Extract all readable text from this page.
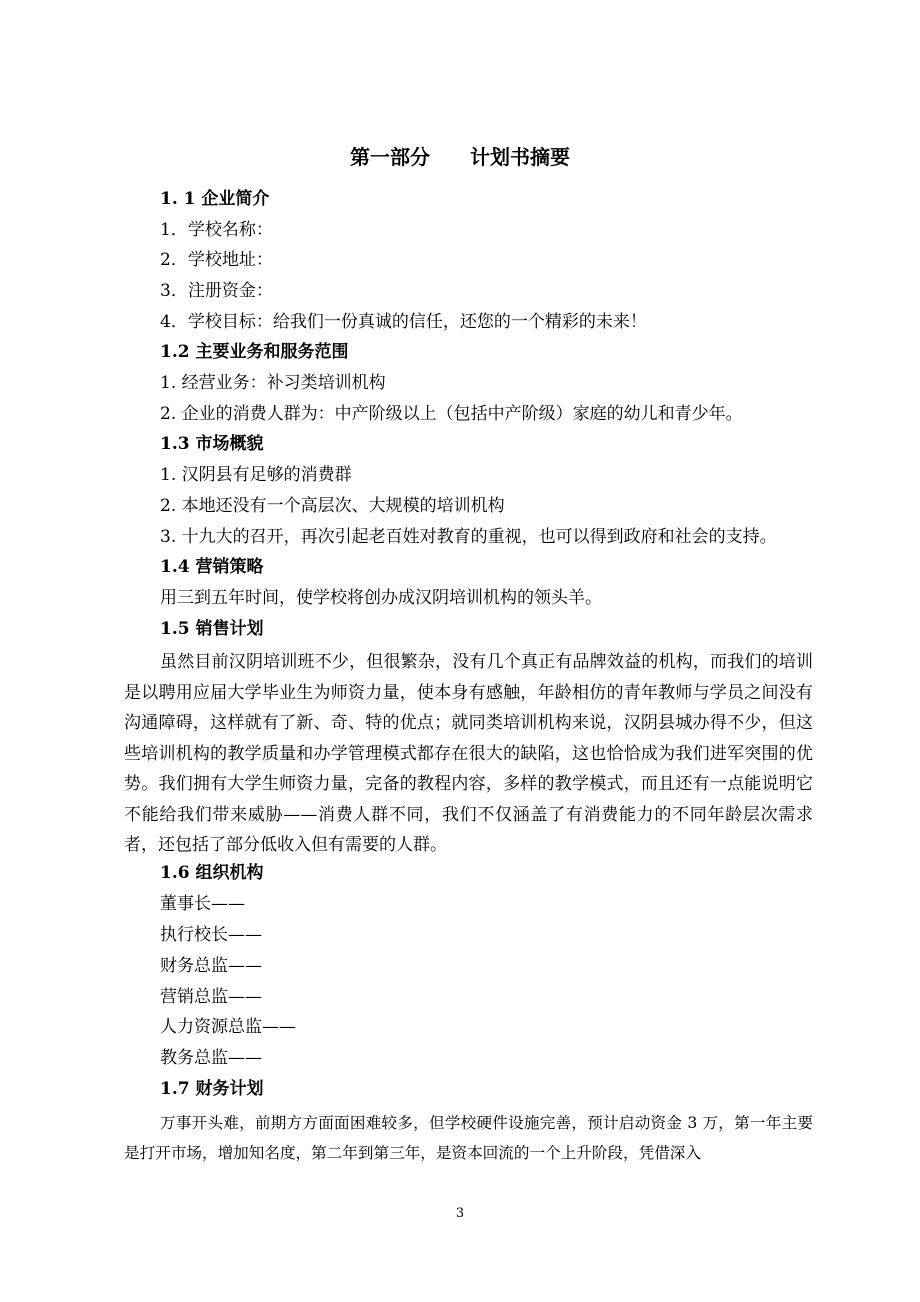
第一部分　　计划书摘要
1. 1 企业简介
1．学校名称：
2．学校地址：
3．注册资金：
4．学校目标：给我们一份真诚的信任，还您的一个精彩的未来！
1.2 主要业务和服务范围
1. 经营业务：补习类培训机构
2. 企业的消费人群为：中产阶级以上（包括中产阶级）家庭的幼儿和青少年。
1.3 市场概貌
1. 汉阴县有足够的消费群
2. 本地还没有一个高层次、大规模的培训机构
3. 十九大的召开，再次引起老百姓对教育的重视，也可以得到政府和社会的支持。
1.4 营销策略
用三到五年时间，使学校将创办成汉阴培训机构的领头羊。
1.5 销售计划

虽然目前汉阴培训班不少，但很繁杂，没有几个真正有品牌效益的机构，而我们的培训是以聘用应届大学毕业生为师资力量，使本身有感触，年龄相仿的青年教师与学员之间没有沟通障碍，这样就有了新、奇、特的优点；就同类培训机构来说，汉阴县城办得不少，但这些培训机构的教学质量和办学管理模式都存在很大的缺陷，这也恰恰成为我们进军突围的优势。我们拥有大学生师资力量，完备的教程内容，多样的教学模式，而且还有一点能说明它不能给我们带来威胁——消费人群不同，我们不仅涵盖了有消费能力的不同年龄层次需求者，还包括了部分低收入但有需要的人群。

1.6 组织机构
董事长——
执行校长——
财务总监——
营销总监——
人力资源总监——
教务总监——
1.7 财务计划

万事开头难，前期方方面面困难较多，但学校硬件设施完善，预计启动资金 3 万，第一年主要是打开市场，增加知名度，第二年到第三年，是资本回流的一个上升阶段，凭借深入

3
